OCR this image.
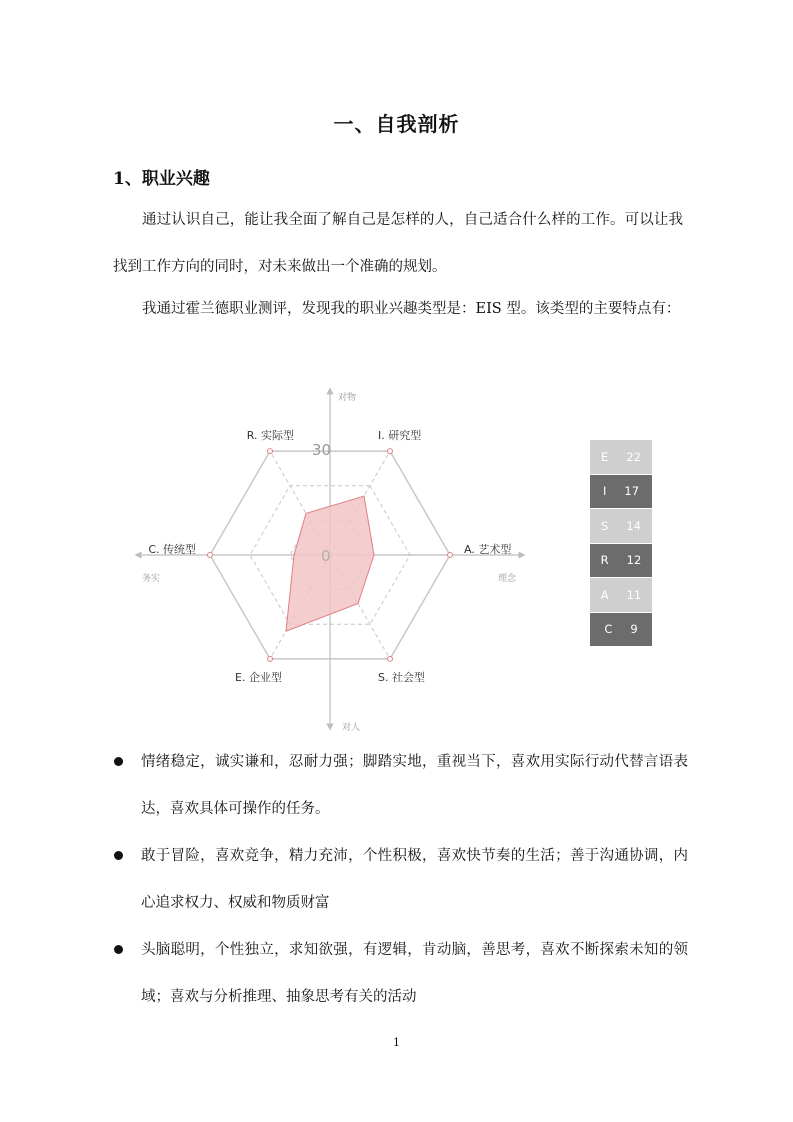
一、自我剖析
1、职业兴趣

通过认识自己，能让我全面了解自己是怎样的人，自己适合什么样的工作。可以让我找到工作方向的同时，对未来做出一个准确的规划。

我通过霍兰德职业测评，发现我的职业兴趣类型是：EIS 型。该类型的主要特点有：

对物
对人
务实	理念
30
0
I. 研究型
A. 艺术型
S. 社会型
E. 企业型
C. 传统型
R. 实际型
E 22
I 17
S 14
R 12
A 11
C 9
情绪稳定，诚实谦和，忍耐力强；脚踏实地，重视当下，喜欢用实际行动代替言语表达，喜欢具体可操作的任务。
敢于冒险，喜欢竞争，精力充沛，个性积极，喜欢快节奏的生活；善于沟通协调，内心追求权力、权威和物质财富
头脑聪明，个性独立，求知欲强，有逻辑，肯动脑，善思考，喜欢不断探索未知的领域；喜欢与分析推理、抽象思考有关的活动
1
